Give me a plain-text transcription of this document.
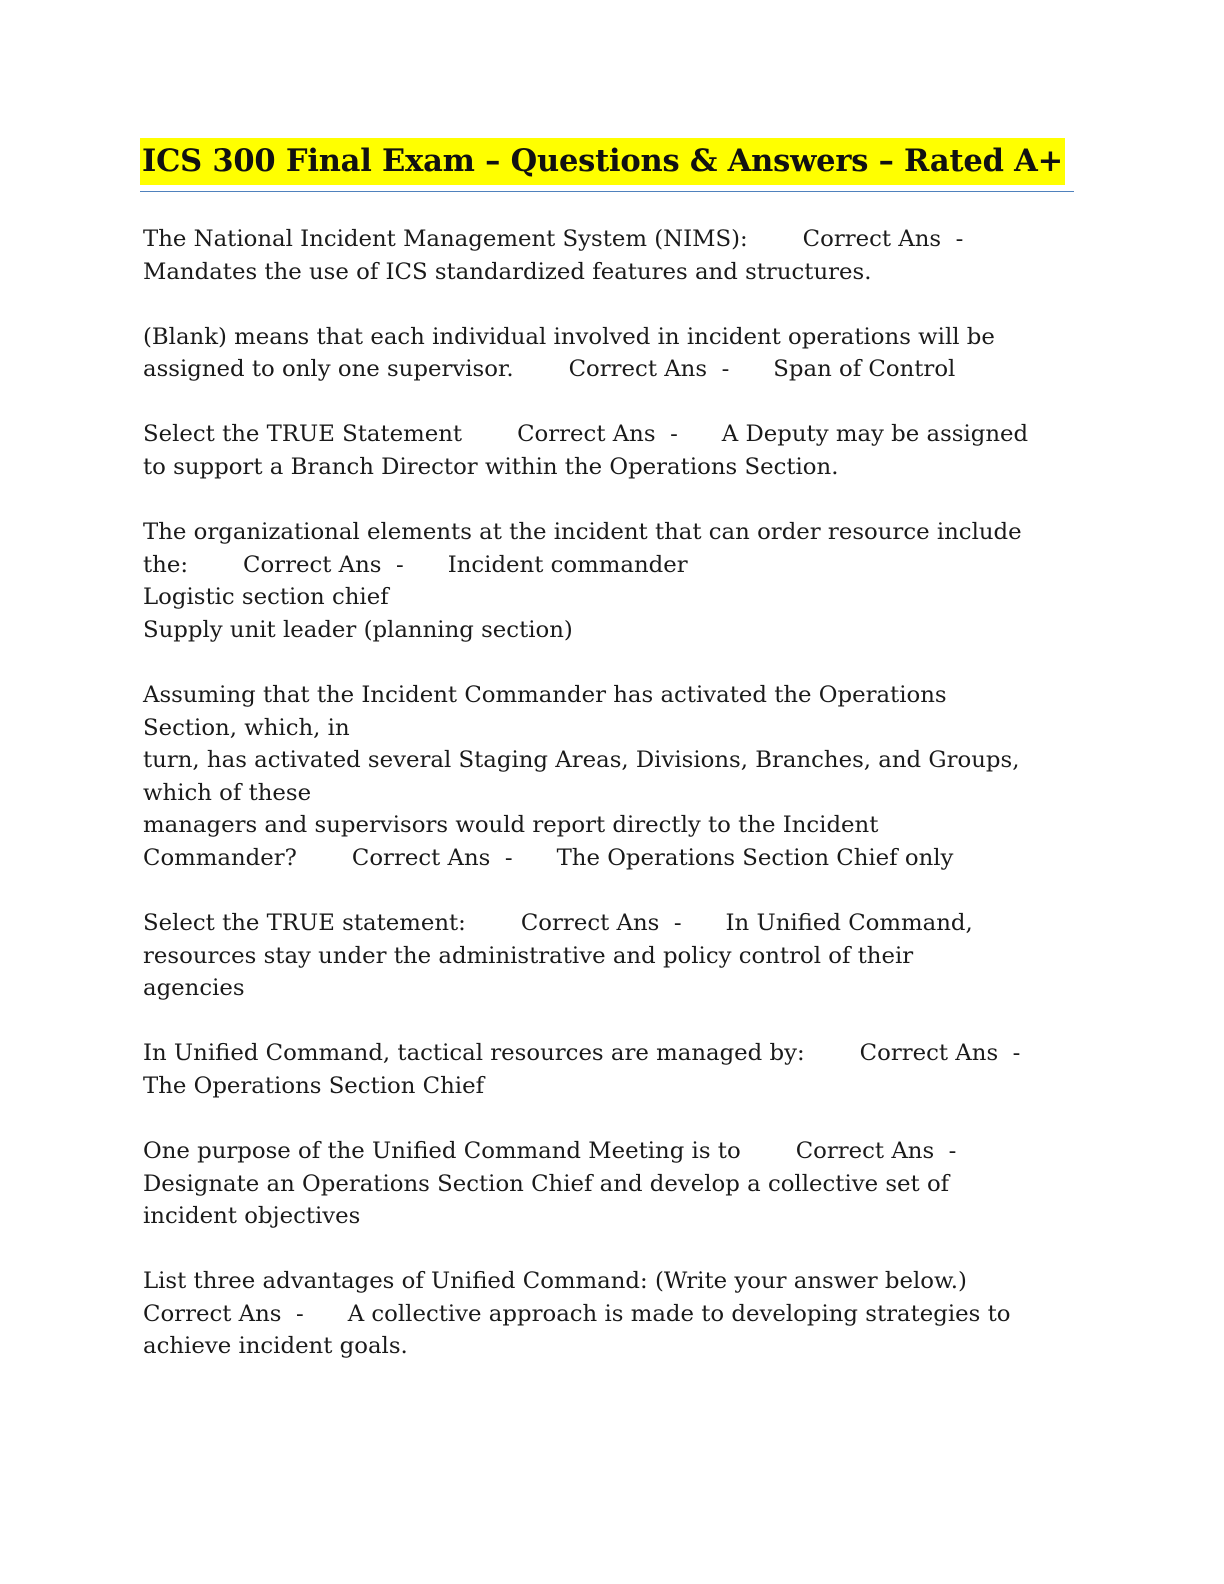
ICS 300 Final Exam – Questions & Answers – Rated A+
The National Incident Management System (NIMS): Correct Ans -
Mandates the use of ICS standardized features and structures.
(Blank) means that each individual involved in incident operations will be
assigned to only one supervisor. Correct Ans - Span of Control
Select the TRUE Statement Correct Ans - A Deputy may be assigned
to support a Branch Director within the Operations Section.
The organizational elements at the incident that can order resource include
the: Correct Ans - Incident commander
Logistic section chief
Supply unit leader (planning section)
Assuming that the Incident Commander has activated the Operations
Section, which, in
turn, has activated several Staging Areas, Divisions, Branches, and Groups,
which of these
managers and supervisors would report directly to the Incident
Commander? Correct Ans - The Operations Section Chief only
Select the TRUE statement: Correct Ans - In Unified Command,
resources stay under the administrative and policy control of their
agencies
In Unified Command, tactical resources are managed by: Correct Ans -
The Operations Section Chief
One purpose of the Unified Command Meeting is to Correct Ans -
Designate an Operations Section Chief and develop a collective set of
incident objectives
List three advantages of Unified Command: (Write your answer below.)
Correct Ans - A collective approach is made to developing strategies to
achieve incident goals.
